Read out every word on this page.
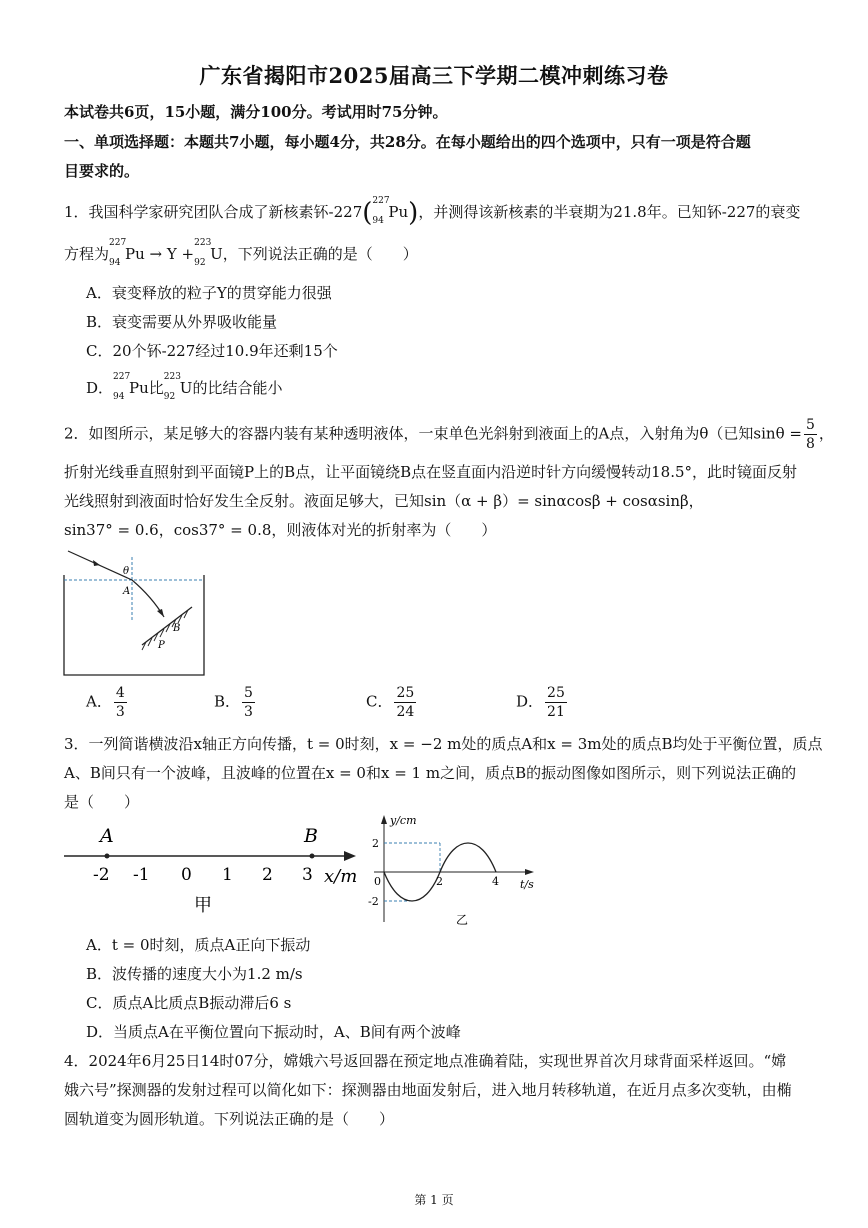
广东省揭阳市2025届高三下学期二模冲刺练习卷
本试卷共6页，15小题，满分100分。考试用时75分钟。
一、单项选择题：本题共7小题，每小题4分，共28分。在每小题给出的四个选项中，只有一项是符合题
目要求的。
1．我国科学家研究团队合成了新核素钚-227( 227
94 Pu)，并测得该新核素的半衰期为21.8年。已知钚-227的衰变
方程为
227
94 Pu → Y +
223
92 U，下列说法正确的是（　　）
A．衰变释放的粒子Y的贯穿能力很强
B．衰变需要从外界吸收能量
C．20个钚-227经过10.9年还剩15个
D．
227
94 Pu比
223
92 U的比结合能小
2．如图所示，某足够大的容器内装有某种透明液体，一束单色光斜射到液面上的A点，入射角为θ（已知$\sin\theta = \frac{5}{8}$ ，
折射光线垂直照射到平面镜P上的B点，让平面镜绕B点在竖直面内沿逆时针方向缓慢转动18.5°，此时镜面反射
光线照射到液面时恰好发生全反射。液面足够大，已知sin（α + β）= sinαcosβ + cosαsinβ，
sin37° = 0.6，cos37° = 0.8，则液体对光的折射率为（　　）
θ
A
B
P
A． $\frac{4}{3}$	B． $\frac{5}{3}$	C． $\frac{25}{24}$	D． $\frac{25}{21}$
3．一列简谐横波沿x轴正方向传播，t = 0时刻，x = −2 m处的质点A和x = 3m处的质点B均处于平衡位置，质点
A、B间只有一个波峰，且波峰的位置在x = 0和x = 1 m之间，质点B的振动图像如图所示，则下列说法正确的
是（　　）
A	B
-2 -1 0 1 2 3 x/m
甲
y/cm
2
-2
0	2	4 t/s
乙
A．t = 0时刻，质点A正向下振动
B．波传播的速度大小为1.2 m/s
C．质点A比质点B振动滞后6 s
D．当质点A在平衡位置向下振动时，A、B间有两个波峰
4．2024年6月25日14时07分，嫦娥六号返回器在预定地点准确着陆，实现世界首次月球背面采样返回。“嫦
娥六号”探测器的发射过程可以简化如下：探测器由地面发射后，进入地月转移轨道，在近月点多次变轨，由椭
圆轨道变为圆形轨道。下列说法正确的是（　　）
第 1 页
